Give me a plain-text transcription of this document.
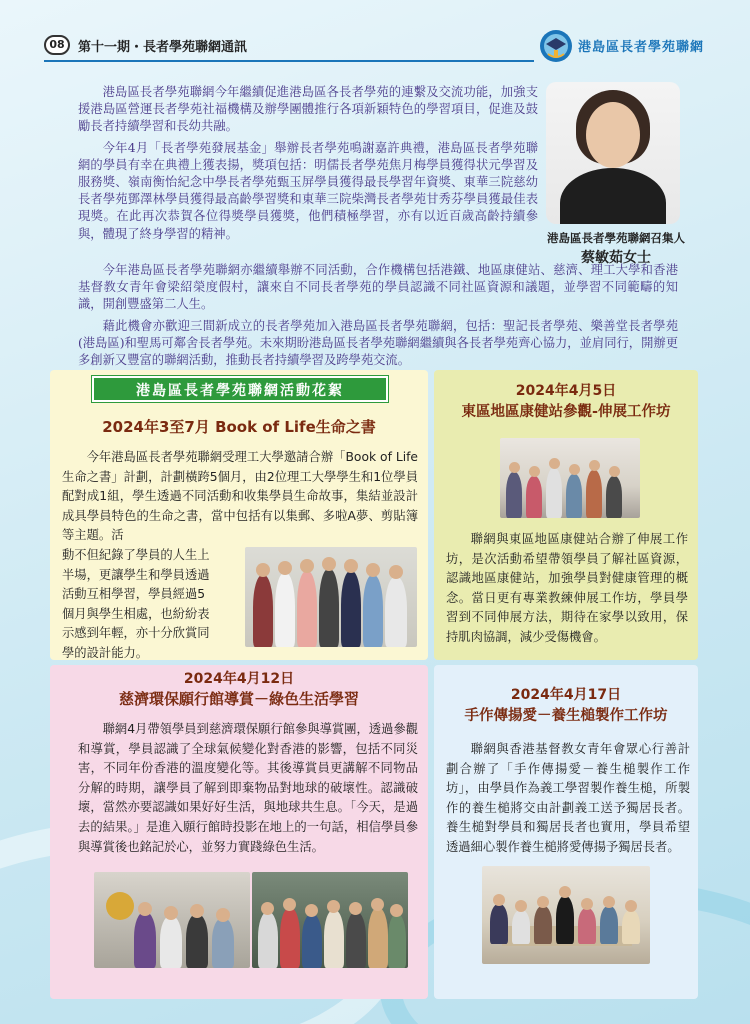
08	第十一期・長者學苑聯網通訊	港島區長者學苑聯網

港島區長者學苑聯網今年繼續促進港島區各長者學苑的連繫及交流功能，加強支援港島區營運長者學苑社福機構及辦學團體推行各項新穎特色的學習項目，促進及鼓勵長者持續學習和長幼共融。

今年4月「長者學苑發展基金」舉辦長者學苑鳴謝嘉許典禮，港島區長者學苑聯網的學員有幸在典禮上獲表揚，獎項包括：明儒長者學苑焦月梅學員獲得状元學習及服務獎、嶺南衡怡紀念中學長者學苑甄玉屏學員獲得最長學習年資獎、東華三院慈幼長者學苑鄧澤林學員獲得最高齡學習獎和東華三院柴灣長者學苑甘秀芬學員獲最佳表現獎。在此再次恭賀各位得獎學員獲獎，他們積極學習，亦有以近百歲高齡持續參與，體現了終身學習的精神。	港島區長者學苑聯網召集人
蔡敏茹女士

今年港島區長者學苑聯網亦繼續舉辦不同活動，合作機構包括港鐵、地區康健站、慈濟、理工大學和香港基督教女青年會梁紹榮度假村，讓來自不同長者學苑的學員認識不同社區資源和議題，並學習不同範疇的知識，開創豐盛第二人生。

藉此機會亦歡迎三間新成立的長者學苑加入港島區長者學苑聯網，包括：聖記長者學苑、樂善堂長者學苑(港島區)和聖馬可鄰舍長者學苑。未來期盼港島區長者學苑聯網繼續與各長者學苑齊心協力，並肩同行，開辦更多創新又豐富的聯網活動，推動長者持續學習及跨學苑交流。

港島區長者學苑聯網活動花絮
2024年3至7月 Book of Life生命之書

今年港島區長者學苑聯網受理工大學邀請合辦「Book of Life生命之書」計劃，計劃橫跨5個月，由2位理工大學學生和1位學員配對成1組，學生透過不同活動和收集學員生命故事，集結並設計成具學員特色的生命之書，當中包括有以集郵、多啦A夢、剪貼簿等主題。活

動不但紀錄了學員的人生上
半場，更讓學生和學員透過
活動互相學習，學員經過5
個月與學生相處，也紛紛表
示感到年輕，亦十分欣賞同
學的設計能力。
2024年4月5日
東區地區康健站參觀-伸展工作坊

聯網與東區地區康健站合辦了伸展工作坊，是次活動希望帶領學員了解社區資源，認識地區康健站，加強學員對健康管理的概念。當日更有專業教練伸展工作坊，學員學習到不同伸展方法，期待在家學以致用，保持肌肉協調，減少受傷機會。

2024年4月12日
慈濟環保願行館導賞－綠色生活學習

聯網4月帶領學員到慈濟環保願行館參與導賞團，透過參觀和導賞，學員認識了全球氣候變化對香港的影響，包括不同災害，不同年份香港的溫度變化等。其後導賞員更講解不同物品分解的時期，讓學員了解到即棄物品對地球的破壞性。認識破壞，當然亦要認識如果好好生活，與地球共生息。「今天，是過去的結果。」是進入願行館時投影在地上的一句話，相信學員參與導賞後也銘記於心，並努力實踐綠色生活。

2024年4月17日
手作傳揚愛－養生槌製作工作坊

聯網與香港基督教女青年會眾心行善計劃合辦了「手作傳揚愛－養生槌製作工作坊」，由學員作為義工學習製作養生槌，所製作的養生槌將交由計劃義工送予獨居長者。養生槌對學員和獨居長者也實用，學員希望透過細心製作養生槌將愛傳揚予獨居長者。
